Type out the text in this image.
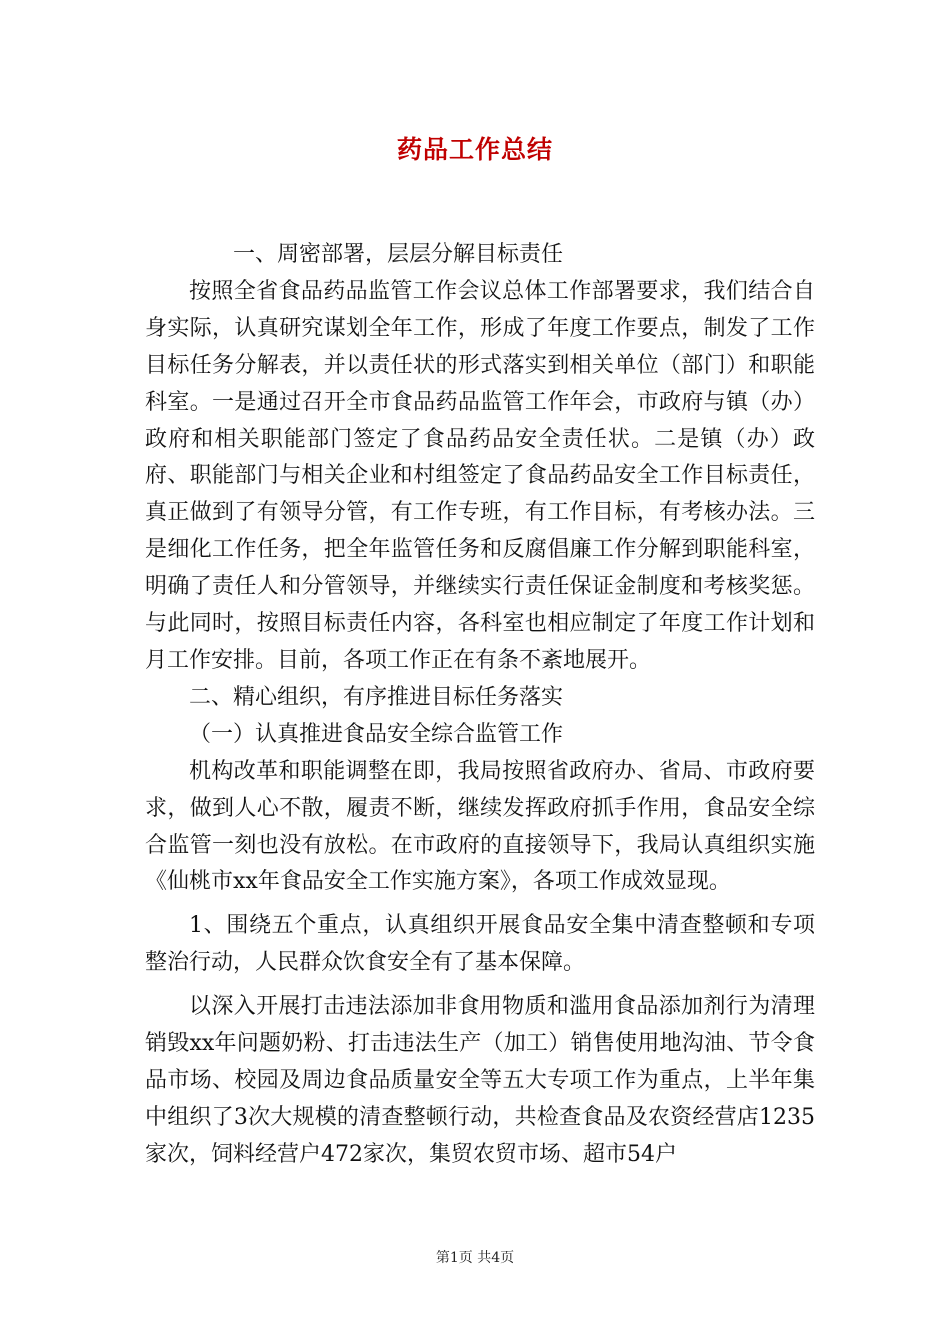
药品工作总结

一、周密部署，层层分解目标责任

按照全省食品药品监管工作会议总体工作部署要求，我们结合自身实际，认真研究谋划全年工作，形成了年度工作要点，制发了工作目标任务分解表，并以责任状的形式落实到相关单位（部门）和职能科室。一是通过召开全市食品药品监管工作年会，市政府与镇（办）政府和相关职能部门签定了食品药品安全责任状。二是镇（办）政府、职能部门与相关企业和村组签定了食品药品安全工作目标责任，真正做到了有领导分管，有工作专班，有工作目标，有考核办法。三是细化工作任务，把全年监管任务和反腐倡廉工作分解到职能科室，明确了责任人和分管领导，并继续实行责任保证金制度和考核奖惩。与此同时，按照目标责任内容，各科室也相应制定了年度工作计划和月工作安排。目前，各项工作正在有条不紊地展开。

二、精心组织，有序推进目标任务落实

（一）认真推进食品安全综合监管工作

机构改革和职能调整在即，我局按照省政府办、省局、市政府要求，做到人心不散，履责不断，继续发挥政府抓手作用，食品安全综合监管一刻也没有放松。在市政府的直接领导下，我局认真组织实施《仙桃市xx年食品安全工作实施方案》，各项工作成效显现。

1、围绕五个重点，认真组织开展食品安全集中清查整顿和专项整治行动，人民群众饮食安全有了基本保障。

以深入开展打击违法添加非食用物质和滥用食品添加剂行为清理销毁xx年问题奶粉、打击违法生产（加工）销售使用地沟油、节令食品市场、校园及周边食品质量安全等五大专项工作为重点，上半年集中组织了3次大规模的清查整顿行动，共检查食品及农资经营店1235家次，饲料经营户472家次，集贸农贸市场、超市54户

第1页 共4页
